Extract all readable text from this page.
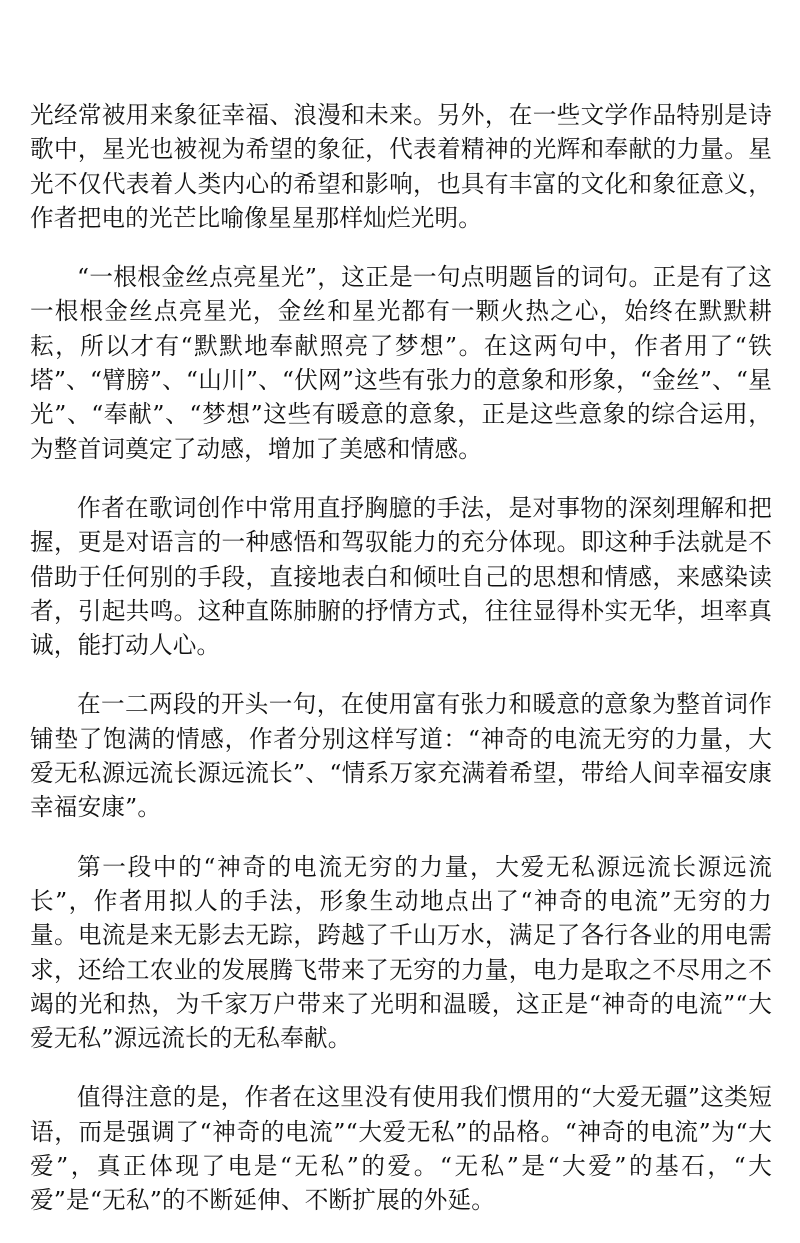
光经常被用来象征幸福、浪漫和未来。另外，在一些文学作品特别是诗歌中，星光也被视为希望的象征，代表着精神的光辉和奉献的力量。星光不仅代表着人类内心的希望和影响，也具有丰富的文化和象征意义，作者把电的光芒比喻像星星那样灿烂光明。

“一根根金丝点亮星光”，这正是一句点明题旨的词句。正是有了这一根根金丝点亮星光，金丝和星光都有一颗火热之心，始终在默默耕耘，所以才有“默默地奉献照亮了梦想”。在这两句中，作者用了“铁塔”、“臂膀”、“山川”、“伏网”这些有张力的意象和形象，“金丝”、“星光”、“奉献”、“梦想”这些有暖意的意象，正是这些意象的综合运用，为整首词奠定了动感，增加了美感和情感。

作者在歌词创作中常用直抒胸臆的手法，是对事物的深刻理解和把握，更是对语言的一种感悟和驾驭能力的充分体现。即这种手法就是不借助于任何别的手段，直接地表白和倾吐自己的思想和情感，来感染读者，引起共鸣。这种直陈肺腑的抒情方式，往往显得朴实无华，坦率真诚，能打动人心。

在一二两段的开头一句，在使用富有张力和暖意的意象为整首词作铺垫了饱满的情感，作者分别这样写道：“神奇的电流无穷的力量，大爱无私源远流长源远流长”、“情系万家充满着希望，带给人间幸福安康幸福安康”。

第一段中的“神奇的电流无穷的力量，大爱无私源远流长源远流长”，作者用拟人的手法，形象生动地点出了“神奇的电流”无穷的力量。电流是来无影去无踪，跨越了千山万水，满足了各行各业的用电需求，还给工农业的发展腾飞带来了无穷的力量，电力是取之不尽用之不竭的光和热，为千家万户带来了光明和温暖，这正是“神奇的电流”“大爱无私”源远流长的无私奉献。

值得注意的是，作者在这里没有使用我们惯用的“大爱无疆”这类短语，而是强调了“神奇的电流”“大爱无私”的品格。“神奇的电流”为“大爱”，真正体现了电是“无私”的爱。“无私”是“大爱”的基石，“大爱”是“无私”的不断延伸、不断扩展的外延。
